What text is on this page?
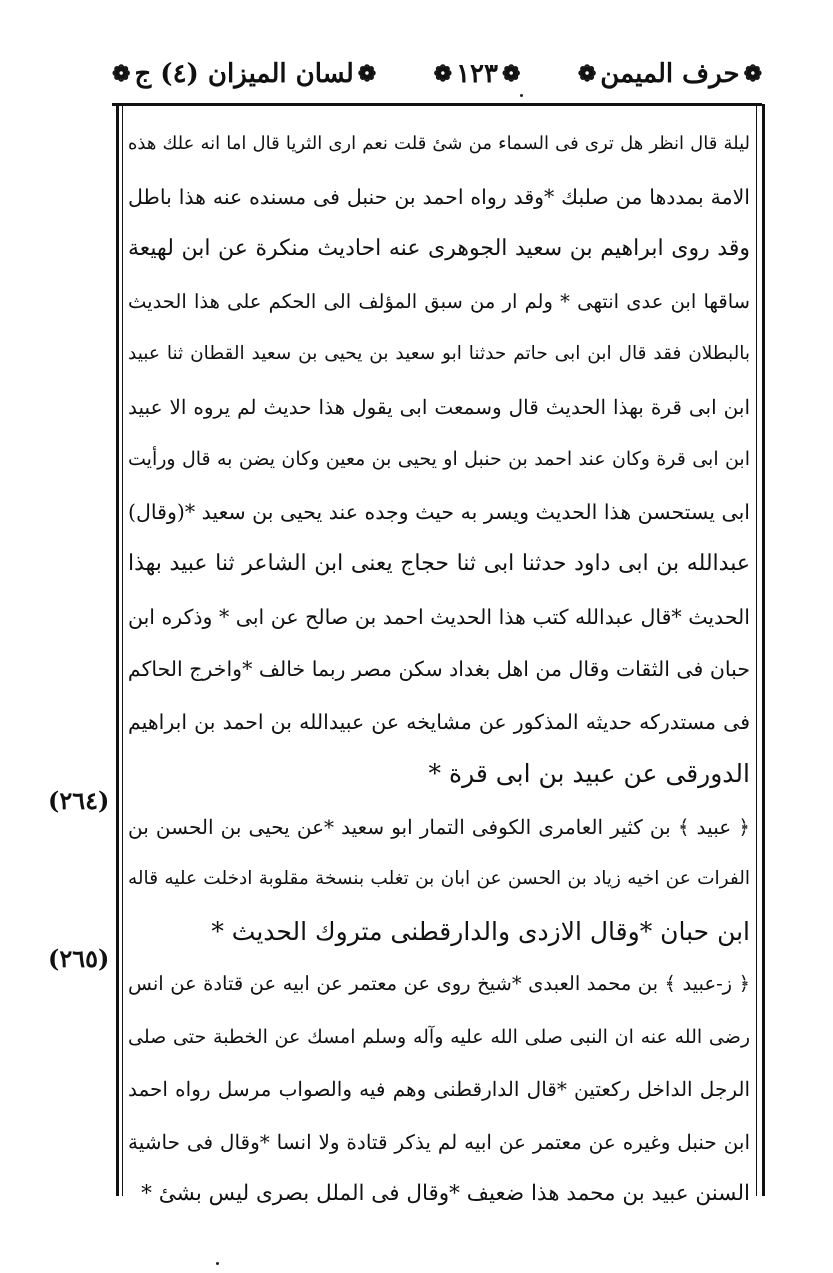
❁
حرف المیمن
❁
❁
١٢٣
❁
❁
لسان المیزان (٤) ج
❁
لیلة قال انظر هل تری فی السماء من شیٔ قلت نعم اری الثریا قال اما انه علك هذه
الامة بمددها من صلبك *وقد رواه احمد بن حنبل فی مسنده عنه هذا باطل
وقد روی ابراهیم بن سعید الجوهری عنه احادیث منکرة عن ابن لهیعة
ساقها ابن عدی انتهی * ولم ار من سبق المؤلف الی الحکم علی هذا الحدیث
بالبطلان فقد قال ابن ابی حاتم حدثنا ابو سعید بن یحیی بن سعید القطان ثنا عبید
ابن ابی قرة بهذا الحدیث قال وسمعت ابی یقول هذا حدیث لم یروه الا عبید
ابن ابی قرة وکان عند احمد بن حنبل او یحیی بن معین وکان یضن به قال ورأیت
ابی یستحسن هذا الحدیث ویسر به حیث وجده عند یحیی بن سعید *(وقال)
عبدالله بن ابی داود حدثنا ابی ثنا حجاج یعنی ابن الشاعر ثنا عبید بهذا
الحدیث *قال عبدالله کتب هذا الحدیث احمد بن صالح عن ابی * وذکره ابن
حبان فی الثقات وقال من اهل بغداد سکن مصر ربما خالف *واخرج الحاکم
فی مستدرکه حدیثه المذکور عن مشایخه عن عبیدالله بن احمد بن ابراهیم
الدورقی عن عبید بن ابی قرة *
﴿ عبید ﴾ بن کثیر العامری الکوفی التمار ابو سعید *عن یحیی بن الحسن بن
الفرات عن اخیه زیاد بن الحسن عن ابان بن تغلب بنسخة مقلوبة ادخلت علیه قاله
ابن حبان *وقال الازدی والدارقطنی متروك الحدیث *
﴿ ز-عبید ﴾ بن محمد العبدی *شیخ روی عن معتمر عن ابیه عن قتادة عن انس
رضی الله عنه ان النبی صلی الله علیه وآله وسلم امسك عن الخطبة حتی صلی
الرجل الداخل رکعتین *قال الدارقطنی وهم فیه والصواب مرسل رواه احمد
ابن حنبل وغیره عن معتمر عن ابیه لم یذکر قتادة ولا انسا *وقال فی حاشیة
السنن عبید بن محمد هذا ضعیف *وقال فی الملل بصری لیس بشیٔ *
(٢٦٤)
(٢٦٥)
